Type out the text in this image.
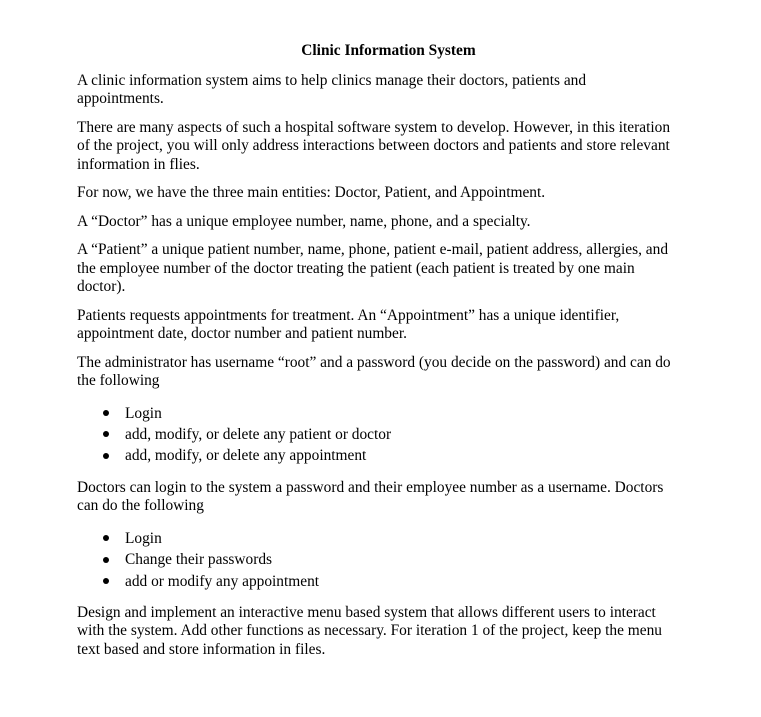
Clinic Information System
A clinic information system aims to help clinics manage their doctors, patients and
appointments.
There are many aspects of such a hospital software system to develop. However, in this iteration
of the project, you will only address interactions between doctors and patients and store relevant
information in flies.
For now, we have the three main entities: Doctor, Patient, and Appointment.
A “Doctor” has a unique employee number, name, phone, and a specialty.
A “Patient” a unique patient number, name, phone, patient e-mail, patient address, allergies, and
the employee number of the doctor treating the patient (each patient is treated by one main
doctor).
Patients requests appointments for treatment. An “Appointment” has a unique identifier,
appointment date, doctor number and patient number.
The administrator has username “root” and a password (you decide on the password) and can do
the following
Login
add, modify, or delete any patient or doctor
add, modify, or delete any appointment
Doctors can login to the system a password and their employee number as a username. Doctors
can do the following
Login
Change their passwords
add or modify any appointment
Design and implement an interactive menu based system that allows different users to interact
with the system. Add other functions as necessary. For iteration 1 of the project, keep the menu
text based and store information in files.
